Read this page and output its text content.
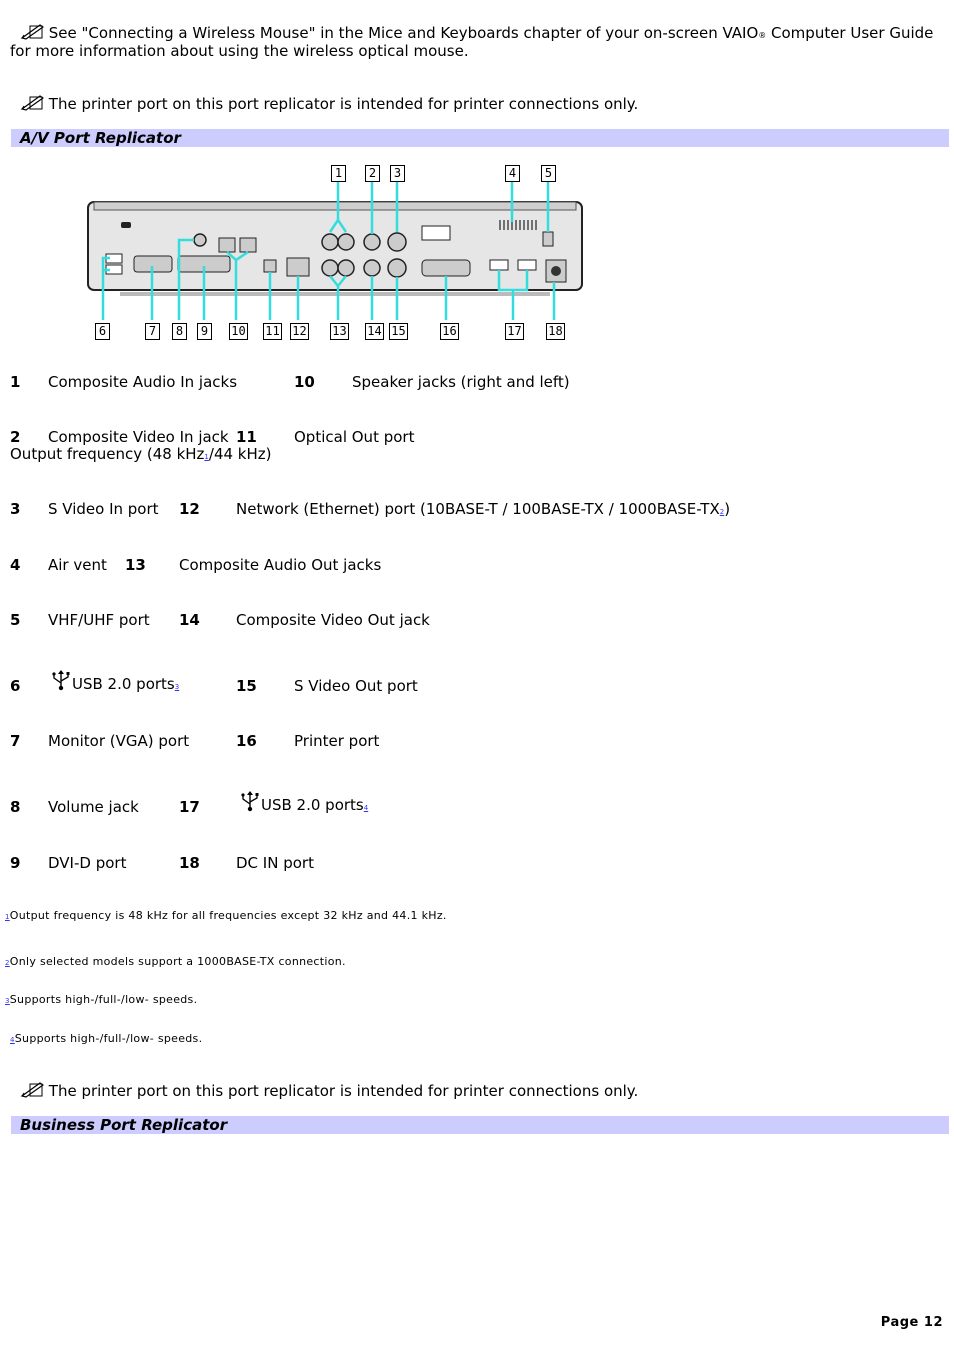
See "Connecting a Wireless Mouse" in the Mice and Keyboards chapter of your on-screen VAIO® Computer User Guide
for more information about using the wireless optical mouse.
The printer port on this port replicator is intended for printer connections only.
A/V Port Replicator
1	2	3	4	5
6	7	8	9	10 11 12 13 14 15	16	17 18
1 Composite Audio In jacks	10 Speaker jacks (right and left)
2 Composite Video In jack 11 Optical Out port
Output frequency (48 kHz1/44 kHz)
3 S Video In port 12 Network (Ethernet) port (10BASE-T / 100BASE-TX / 1000BASE-TX2)
4 Air vent 13 Composite Audio Out jacks
5 VHF/UHF port 14 Composite Video Out jack
6	USB 2.0 ports3	15 S Video Out port
7 Monitor (VGA) port	16 Printer port
8 Volume jack	17	USB 2.0 ports4
9 DVI-D port	18 DC IN port
1Output frequency is 48 kHz for all frequencies except 32 kHz and 44.1 kHz.
2Only selected models support a 1000BASE-TX connection.
3Supports high-/full-/low- speeds.
4Supports high-/full-/low- speeds.
The printer port on this port replicator is intended for printer connections only.
Business Port Replicator
Page 12
